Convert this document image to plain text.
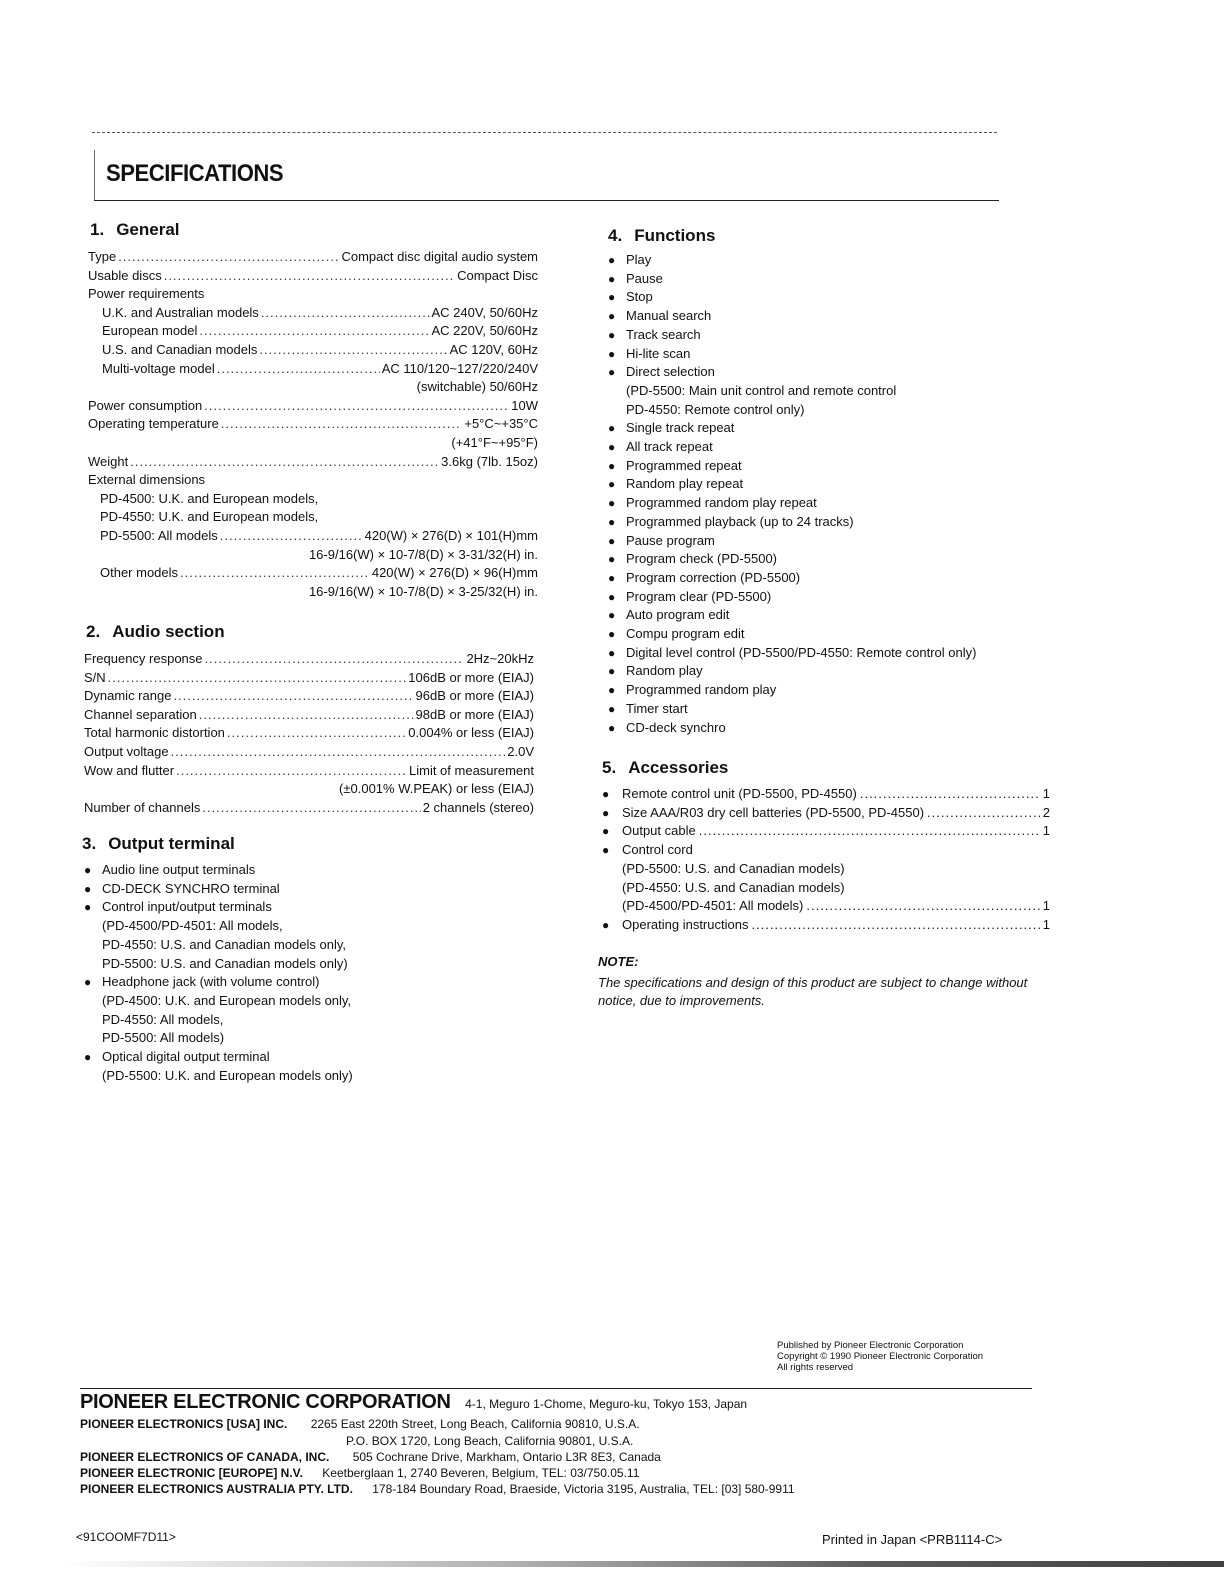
SPECIFICATIONS
1. General
Type .....	Compact disc digital audio system
Usable discs .....	Compact Disc
Power requirements
U.K. and Australian models .....	AC 240V, 50/60Hz
European model .....	AC 220V, 50/60Hz
U.S. and Canadian models .....	AC 120V, 60Hz
Multi-voltage model .....	AC 110/120~127/220/240V
(switchable) 50/60Hz
Power consumption .....	10W
Operating temperature .....	+5°C~+35°C
(+41°F~+95°F)
Weight .....	3.6kg (7lb. 15oz)
External dimensions
PD-4500: U.K. and European models,
PD-4550: U.K. and European models,
PD-5500: All models .....	420(W) × 276(D) × 101(H)mm
16-9/16(W) × 10-7/8(D) × 3-31/32(H) in.
Other models .....	420(W) × 276(D) × 96(H)mm
16-9/16(W) × 10-7/8(D) × 3-25/32(H) in.
2. Audio section
Frequency response .....	2Hz~20kHz
S/N .....	106dB or more (EIAJ)
Dynamic range .....	96dB or more (EIAJ)
Channel separation .....	98dB or more (EIAJ)
Total harmonic distortion .....	0.004% or less (EIAJ)
Output voltage .....	2.0V
Wow and flutter .....	Limit of measurement
(±0.001% W.PEAK) or less (EIAJ)
Number of channels .....	2 channels (stereo)
3. Output terminal
● Audio line output terminals
● CD-DECK SYNCHRO terminal
● Control input/output terminals
(PD-4500/PD-4501: All models,
PD-4550: U.S. and Canadian models only,
PD-5500: U.S. and Canadian models only)
● Headphone jack (with volume control)
(PD-4500: U.K. and European models only,
PD-4550: All models,
PD-5500: All models)
● Optical digital output terminal
(PD-5500: U.K. and European models only)
4. Functions
● Play
● Pause
● Stop
● Manual search
● Track search
● Hi-lite scan
● Direct selection
(PD-5500: Main unit control and remote control
PD-4550: Remote control only)
● Single track repeat
● All track repeat
● Programmed repeat
● Random play repeat
● Programmed random play repeat
● Programmed playback (up to 24 tracks)
● Pause program
● Program check (PD-5500)
● Program correction (PD-5500)
● Program clear (PD-5500)
● Auto program edit
● Compu program edit
● Digital level control (PD-5500/PD-4550: Remote control only)
● Random play
● Programmed random play
● Timer start
● CD-deck synchro
5. Accessories
● Remote control unit (PD-5500, PD-4550) .....	1
● Size AAA/R03 dry cell batteries (PD-5500, PD-4550) .....	2
● Output cable .....	1
● Control cord
(PD-5500: U.S. and Canadian models)
(PD-4550: U.S. and Canadian models)
(PD-4500/PD-4501: All models) .....	1
● Operating instructions .....	1
NOTE:
The specifications and design of this product are subject to change without notice, due to improvements.
Published by Pioneer Electronic Corporation
Copyright © 1990 Pioneer Electronic Corporation
All rights reserved
PIONEER ELECTRONIC CORPORATION 4-1, Meguro 1-Chome, Meguro-ku, Tokyo 153, Japan
PIONEER ELECTRONICS [USA] INC. 2265 East 220th Street, Long Beach, California 90810, U.S.A.
P.O. BOX 1720, Long Beach, California 90801, U.S.A.
PIONEER ELECTRONICS OF CANADA, INC. 505 Cochrane Drive, Markham, Ontario L3R 8E3, Canada
PIONEER ELECTRONIC [EUROPE] N.V. Keetberglaan 1, 2740 Beveren, Belgium, TEL: 03/750.05.11
PIONEER ELECTRONICS AUSTRALIA PTY. LTD. 178-184 Boundary Road, Braeside, Victoria 3195, Australia, TEL: [03] 580-9911
<91COOMF7D11>	Printed in Japan <PRB1114-C>
